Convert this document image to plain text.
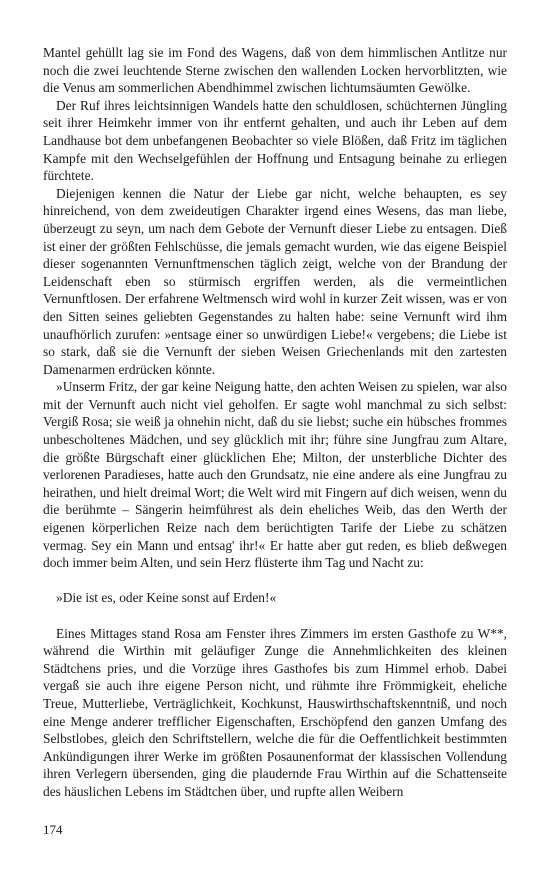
Mantel gehüllt lag sie im Fond des Wagens, daß von dem himmlischen Antlitze nur noch die zwei leuchtende Sterne zwischen den wallenden Locken hervorblitzten, wie die Venus am sommerlichen Abendhimmel zwischen lichtumsäumten Gewölke.

Der Ruf ihres leichtsinnigen Wandels hatte den schuldlosen, schüchternen Jüngling seit ihrer Heimkehr immer von ihr entfernt gehalten, und auch ihr Leben auf dem Landhause bot dem unbefangenen Beobachter so viele Blößen, daß Fritz im täglichen Kampfe mit den Wechselgefühlen der Hoffnung und Entsagung beinahe zu erliegen fürchtete.

Diejenigen kennen die Natur der Liebe gar nicht, welche behaupten, es sey hinreichend, von dem zweideutigen Charakter irgend eines Wesens, das man liebe, überzeugt zu seyn, um nach dem Gebote der Vernunft dieser Liebe zu entsagen. Dieß ist einer der größten Fehlschüsse, die jemals gemacht wurden, wie das eigene Beispiel dieser sogenannten Vernunftmenschen täglich zeigt, welche von der Brandung der Leidenschaft eben so stürmisch ergriffen werden, als die vermeintlichen Vernunftlosen. Der erfahrene Weltmensch wird wohl in kurzer Zeit wissen, was er von den Sitten seines geliebten Gegenstandes zu halten habe: seine Vernunft wird ihm unaufhörlich zurufen: »entsage einer so unwürdigen Liebe!« vergebens; die Liebe ist so stark, daß sie die Vernunft der sieben Weisen Griechenlands mit den zartesten Damenarmen erdrücken könnte.

»Unserm Fritz, der gar keine Neigung hatte, den achten Weisen zu spielen, war also mit der Vernunft auch nicht viel geholfen. Er sagte wohl manchmal zu sich selbst: Vergiß Rosa; sie weiß ja ohnehin nicht, daß du sie liebst; suche ein hübsches frommes unbescholtenes Mädchen, und sey glücklich mit ihr; führe sine Jungfrau zum Altare, die größte Bürgschaft einer glücklichen Ehe; Milton, der unsterbliche Dichter des verlorenen Paradieses, hatte auch den Grundsatz, nie eine andere als eine Jungfrau zu heirathen, und hielt dreimal Wort; die Welt wird mit Fingern auf dich weisen, wenn du die berühmte – Sängerin heimführest als dein eheliches Weib, das den Werth der eigenen körperlichen Reize nach dem berüchtigten Tarife der Liebe zu schätzen vermag. Sey ein Mann und entsag' ihr!« Er hatte aber gut reden, es blieb deßwegen doch immer beim Alten, und sein Herz flüsterte ihm Tag und Nacht zu:

»Die ist es, oder Keine sonst auf Erden!«

Eines Mittages stand Rosa am Fenster ihres Zimmers im ersten Gasthofe zu W**, während die Wirthin mit geläufiger Zunge die Annehmlichkeiten des kleinen Städtchens pries, und die Vorzüge ihres Gasthofes bis zum Himmel erhob. Dabei vergaß sie auch ihre eigene Person nicht, und rühmte ihre Frömmigkeit, eheliche Treue, Mutterliebe, Verträglichkeit, Kochkunst, Hauswirthschaftskenntniß, und noch eine Menge anderer trefflicher Eigenschaften, Erschöpfend den ganzen Umfang des Selbstlobes, gleich den Schriftstellern, welche die für die Oeffentlichkeit bestimmten Ankündigungen ihrer Werke im größten Posaunenformat der klassischen Vollendung ihren Verlegern übersenden, ging die plaudernde Frau Wirthin auf die Schattenseite des häuslichen Lebens im Städtchen über, und rupfte allen Weibern

174
